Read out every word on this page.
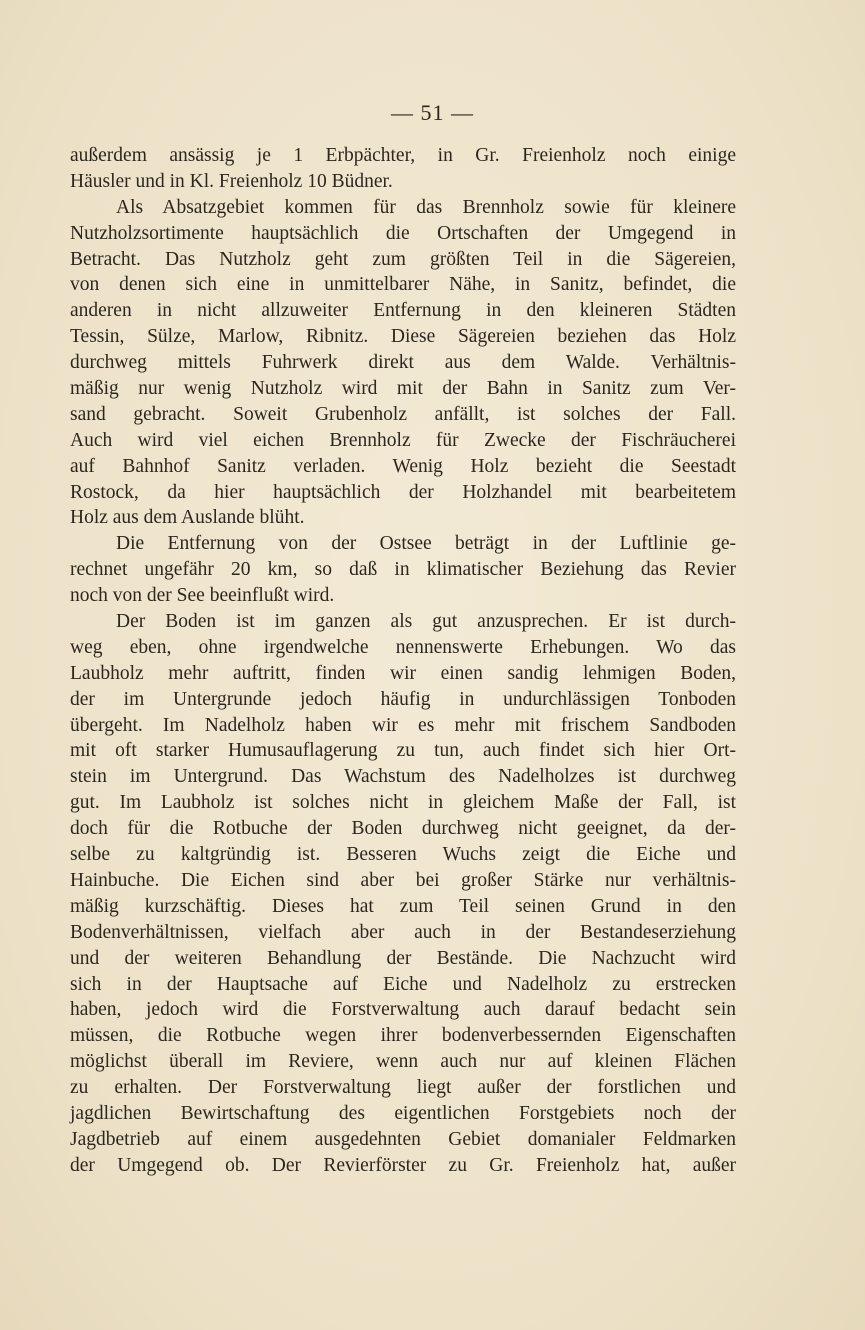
— 51 —
außerdem ansässig je 1 Erbpächter, in Gr. Freienholz noch einige
Häusler und in Kl. Freienholz 10 Büdner.
Als Absatzgebiet kommen für das Brennholz sowie für kleinere
Nutzholzsortimente hauptsächlich die Ortschaften der Umgegend in
Betracht. Das Nutzholz geht zum größten Teil in die Sägereien,
von denen sich eine in unmittelbarer Nähe, in Sanitz, befindet, die
anderen in nicht allzuweiter Entfernung in den kleineren Städten
Tessin, Sülze, Marlow, Ribnitz. Diese Sägereien beziehen das Holz
durchweg mittels Fuhrwerk direkt aus dem Walde. Verhältnis-
mäßig nur wenig Nutzholz wird mit der Bahn in Sanitz zum Ver-
sand gebracht. Soweit Grubenholz anfällt, ist solches der Fall.
Auch wird viel eichen Brennholz für Zwecke der Fischräucherei
auf Bahnhof Sanitz verladen. Wenig Holz bezieht die Seestadt
Rostock, da hier hauptsächlich der Holzhandel mit bearbeitetem
Holz aus dem Auslande blüht.
Die Entfernung von der Ostsee beträgt in der Luftlinie ge-
rechnet ungefähr 20 km, so daß in klimatischer Beziehung das Revier
noch von der See beeinflußt wird.
Der Boden ist im ganzen als gut anzusprechen. Er ist durch-
weg eben, ohne irgendwelche nennenswerte Erhebungen. Wo das
Laubholz mehr auftritt, finden wir einen sandig lehmigen Boden,
der im Untergrunde jedoch häufig in undurchlässigen Tonboden
übergeht. Im Nadelholz haben wir es mehr mit frischem Sandboden
mit oft starker Humusauflagerung zu tun, auch findet sich hier Ort-
stein im Untergrund. Das Wachstum des Nadelholzes ist durchweg
gut. Im Laubholz ist solches nicht in gleichem Maße der Fall, ist
doch für die Rotbuche der Boden durchweg nicht geeignet, da der-
selbe zu kaltgründig ist. Besseren Wuchs zeigt die Eiche und
Hainbuche. Die Eichen sind aber bei großer Stärke nur verhältnis-
mäßig kurzschäftig. Dieses hat zum Teil seinen Grund in den
Bodenverhältnissen, vielfach aber auch in der Bestandeserziehung
und der weiteren Behandlung der Bestände. Die Nachzucht wird
sich in der Hauptsache auf Eiche und Nadelholz zu erstrecken
haben, jedoch wird die Forstverwaltung auch darauf bedacht sein
müssen, die Rotbuche wegen ihrer bodenverbessernden Eigenschaften
möglichst überall im Reviere, wenn auch nur auf kleinen Flächen
zu erhalten. Der Forstverwaltung liegt außer der forstlichen und
jagdlichen Bewirtschaftung des eigentlichen Forstgebiets noch der
Jagdbetrieb auf einem ausgedehnten Gebiet domanialer Feldmarken
der Umgegend ob. Der Revierförster zu Gr. Freienholz hat, außer
